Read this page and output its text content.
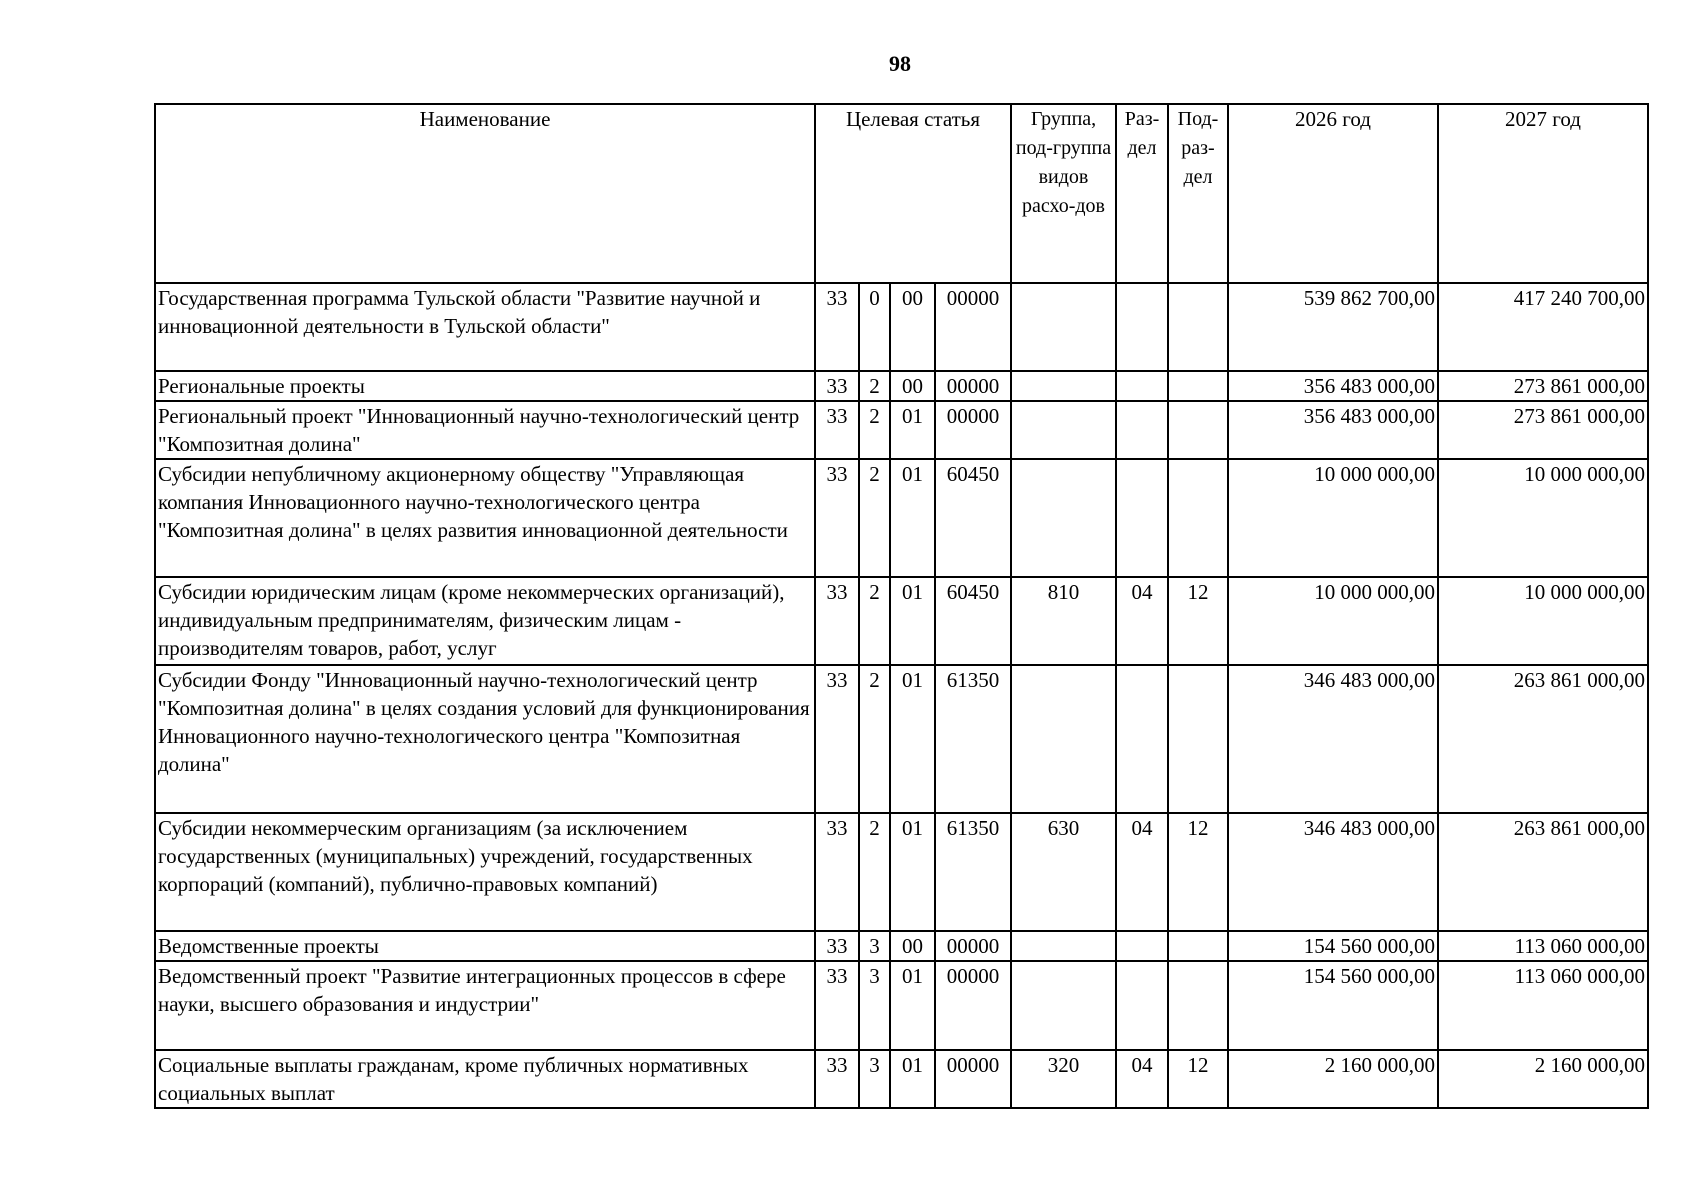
98
Наименование	Целевая статья				Группа, под-группа видов расхо-дов	Раз-дел	Под-раз-дел	2026 год	2027 год
Государственная программа Тульской области "Развитие научной и инновационной деятельности в Тульской области"	33	0	00	00000				539 862 700,00	417 240 700,00
Региональные проекты	33	2	00	00000				356 483 000,00	273 861 000,00
Региональный проект "Инновационный научно-технологический центр "Композитная долина"	33	2	01	00000				356 483 000,00	273 861 000,00
Субсидии непубличному акционерному обществу "Управляющая компания Инновационного научно-технологического центра "Композитная долина" в целях развития инновационной деятельности	33	2	01	60450				10 000 000,00	10 000 000,00
Субсидии юридическим лицам (кроме некоммерческих организаций), индивидуальным предпринимателям, физическим лицам - производителям товаров, работ, услуг	33	2	01	60450	810	04	12	10 000 000,00	10 000 000,00
Субсидии Фонду "Инновационный научно-технологический центр "Композитная долина" в целях создания условий для функционирования Инновационного научно-технологического центра "Композитная долина"	33	2	01	61350				346 483 000,00	263 861 000,00
Субсидии некоммерческим организациям (за исключением государственных (муниципальных) учреждений, государственных корпораций (компаний), публично-правовых компаний)	33	2	01	61350	630	04	12	346 483 000,00	263 861 000,00
Ведомственные проекты	33	3	00	00000				154 560 000,00	113 060 000,00
Ведомственный проект "Развитие интеграционных процессов в сфере науки, высшего образования и индустрии"	33	3	01	00000				154 560 000,00	113 060 000,00
Социальные выплаты гражданам, кроме публичных нормативных социальных выплат	33	3	01	00000	320	04	12	2 160 000,00	2 160 000,00
